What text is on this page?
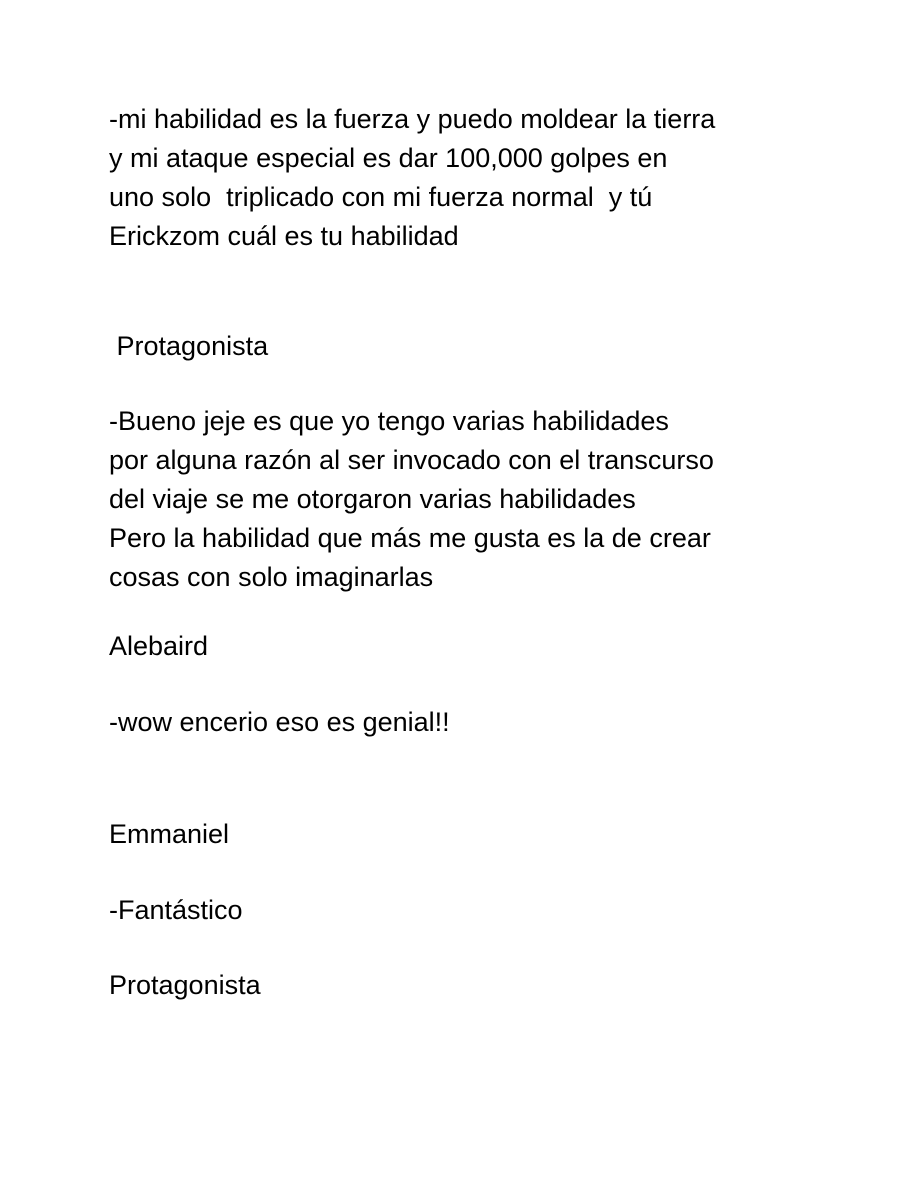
-mi habilidad es la fuerza y puedo moldear la tierra
y mi ataque especial es dar 100,000 golpes en
uno solo  triplicado con mi fuerza normal  y tú
Erickzom cuál es tu habilidad

Protagonista

-Bueno jeje es que yo tengo varias habilidades
por alguna razón al ser invocado con el transcurso
del viaje se me otorgaron varias habilidades
Pero la habilidad que más me gusta es la de crear
cosas con solo imaginarlas

Alebaird

-wow encerio eso es genial!!

Emmaniel

-Fantástico

Protagonista
